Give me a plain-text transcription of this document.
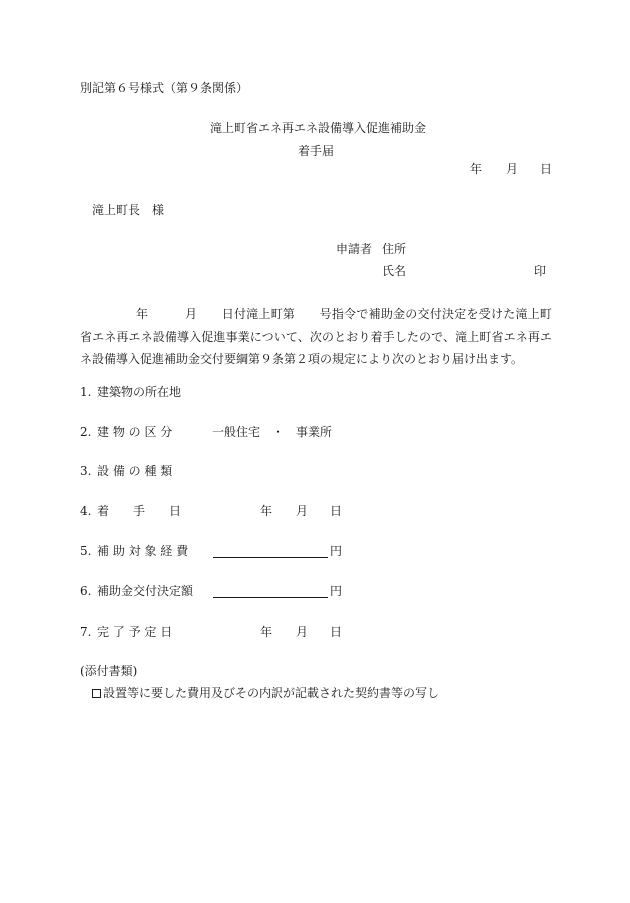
別記第６号様式（第９条関係）
滝上町省エネ再エネ設備導入促進補助金
着手届
年 月 日
滝上町長　様
申請者 住所
氏名	印
年　　　	月　　 日付滝上町第　　 号指令で補助金の交付決定を受けた滝上町省エネ再エネ設備導入促進事業について、次のとおり着手したので、滝上町省エネ再エネ設備導入促進補助金交付要綱第９条第２項の規定により次のとおり届け出ます。
1. 建築物の所在地
2. 建 物 の 区 分	一般住宅　・　事業所
3. 設 備 の 種 類
4. 着　　手　　日	年 月 日
5. 補 助 対 象 経 費	円
6. 補助金交付決定額	円
7. 完 了 予 定 日	年 月 日
(添付書類)
設置等に要した費用及びその内訳が記載された契約書等の写し
